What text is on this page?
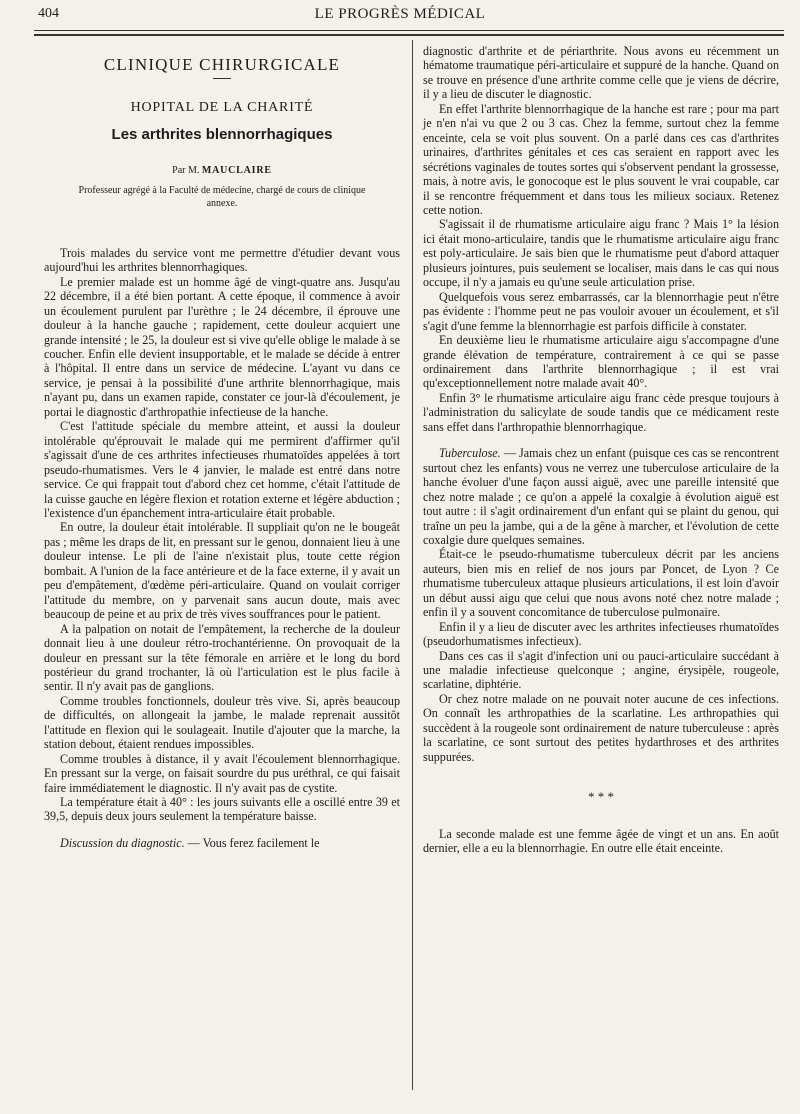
404	LE PROGRÈS MÉDICAL
CLINIQUE CHIRURGICALE
HOPITAL DE LA CHARITÉ
Les arthrites blennorrhagiques
Par M. MAUCLAIRE
Professeur agrégé à la Faculté de médecine, chargé de cours de clinique annexe.

Trois malades du service vont me permettre d'étudier devant vous aujourd'hui les arthrites blennorrhagiques.

Le premier malade est un homme âgé de vingt-quatre ans. Jusqu'au 22 décembre, il a été bien portant. A cette époque, il commence à avoir un écoulement purulent par l'urèthre ; le 24 décembre, il éprouve une douleur à la hanche gauche ; rapidement, cette douleur acquiert une grande intensité ; le 25, la douleur est si vive qu'elle oblige le malade à se coucher. Enfin elle devient insupportable, et le malade se décide à entrer à l'hôpital. Il entre dans un service de médecine. L'ayant vu dans ce service, je pensai à la possibilité d'une arthrite blennorrhagique, mais n'ayant pu, dans un examen rapide, constater ce jour-là d'écoulement, je portai le diagnostic d'arthropathie infectieuse de la hanche.

C'est l'attitude spéciale du membre atteint, et aussi la douleur intolérable qu'éprouvait le malade qui me permirent d'affirmer qu'il s'agissait d'une de ces arthrites infectieuses rhumatoïdes appelées à tort pseudo-rhumatismes. Vers le 4 janvier, le malade est entré dans notre service. Ce qui frappait tout d'abord chez cet homme, c'était l'attitude de la cuisse gauche en légère flexion et rotation externe et légère abduction ; l'existence d'un épanchement intra-articulaire était probable.

En outre, la douleur était intolérable. Il suppliait qu'on ne le bougeât pas ; même les draps de lit, en pressant sur le genou, donnaient lieu à une douleur intense. Le pli de l'aine n'existait plus, toute cette région bombait. A l'union de la face antérieure et de la face externe, il y avait un peu d'empâtement, d'œdème péri-articulaire. Quand on voulait corriger l'attitude du membre, on y parvenait sans aucun doute, mais avec beaucoup de peine et au prix de très vives souffrances pour le patient.

A la palpation on notait de l'empâtement, la recherche de la douleur donnait lieu à une douleur rétro-trochantérienne. On provoquait de la douleur en pressant sur la tête fémorale en arrière et le long du bord postérieur du grand trochanter, là où l'articulation est le plus facile à sentir. Il n'y avait pas de ganglions.

Comme troubles fonctionnels, douleur très vive. Si, après beaucoup de difficultés, on allongeait la jambe, le malade reprenait aussitôt l'attitude en flexion qui le soulageait. Inutile d'ajouter que la marche, la station debout, étaient rendues impossibles.

Comme troubles à distance, il y avait l'écoulement blennorrhagique. En pressant sur la verge, on faisait sourdre du pus uréthral, ce qui faisait faire immédiatement le diagnostic. Il n'y avait pas de cystite.

La température était à 40° : les jours suivants elle a oscillé entre 39 et 39,5, depuis deux jours seulement la température baisse.

Discussion du diagnostic. — Vous ferez facilement le

diagnostic d'arthrite et de périarthrite. Nous avons eu récemment un hématome traumatique péri-articulaire et suppuré de la hanche. Quand on se trouve en présence d'une arthrite comme celle que je viens de décrire, il y a lieu de discuter le diagnostic.

En effet l'arthrite blennorrhagique de la hanche est rare ; pour ma part je n'en n'ai vu que 2 ou 3 cas. Chez la femme, surtout chez la femme enceinte, cela se voit plus souvent. On a parlé dans ces cas d'arthrites urinaires, d'arthrites génitales et ces cas seraient en rapport avec les sécrétions vaginales de toutes sortes qui s'observent pendant la grossesse, mais, à notre avis, le gonocoque est le plus souvent le vrai coupable, car il se rencontre fréquemment et dans tous les milieux sociaux. Retenez cette notion.

S'agissait il de rhumatisme articulaire aigu franc ? Mais 1° la lésion ici était mono-articulaire, tandis que le rhumatisme articulaire aigu franc est poly-articulaire. Je sais bien que le rhumatisme peut d'abord attaquer plusieurs jointures, puis seulement se localiser, mais dans le cas qui nous occupe, il n'y a jamais eu qu'une seule articulation prise.

Quelquefois vous serez embarrassés, car la blennorrhagie peut n'être pas évidente : l'homme peut ne pas vouloir avouer un écoulement, et s'il s'agit d'une femme la blennorrhagie est parfois difficile à constater.

En deuxième lieu le rhumatisme articulaire aigu s'accompagne d'une grande élévation de température, contrairement à ce qui se passe ordinairement dans l'arthrite blennorrhagique ; il est vrai qu'exceptionnellement notre malade avait 40°.

Enfin 3° le rhumatisme articulaire aigu franc cède presque toujours à l'administration du salicylate de soude tandis que ce médicament reste sans effet dans l'arthropathie blennorrhagique.

Tuberculose. — Jamais chez un enfant (puisque ces cas se rencontrent surtout chez les enfants) vous ne verrez une tuberculose articulaire de la hanche évoluer d'une façon aussi aiguë, avec une pareille intensité que chez notre malade ; ce qu'on a appelé la coxalgie à évolution aiguë est tout autre : il s'agit ordinairement d'un enfant qui se plaint du genou, qui traîne un peu la jambe, qui a de la gêne à marcher, et l'évolution de cette coxalgie dure quelques semaines.

Était-ce le pseudo-rhumatisme tuberculeux décrit par les anciens auteurs, bien mis en relief de nos jours par Poncet, de Lyon ? Ce rhumatisme tuberculeux attaque plusieurs articulations, il est loin d'avoir un début aussi aigu que celui que nous avons noté chez notre malade ; enfin il y a souvent concomitance de tuberculose pulmonaire.

Enfin il y a lieu de discuter avec les arthrites infectieuses rhumatoïdes (pseudorhumatismes infectieux).

Dans ces cas il s'agit d'infection uni ou pauci-articulaire succédant à une maladie infectieuse quelconque ; angine, érysipèle, rougeole, scarlatine, diphtérie.

Or chez notre malade on ne pouvait noter aucune de ces infections. On connaît les arthropathies de la scarlatine. Les arthropathies qui succèdent à la rougeole sont ordinairement de nature tuberculeuse : après la scarlatine, ce sont surtout des petites hydarthroses et des arthrites suppurées.

* * *

La seconde malade est une femme âgée de vingt et un ans. En août dernier, elle a eu la blennorrhagie. En outre elle était enceinte.
